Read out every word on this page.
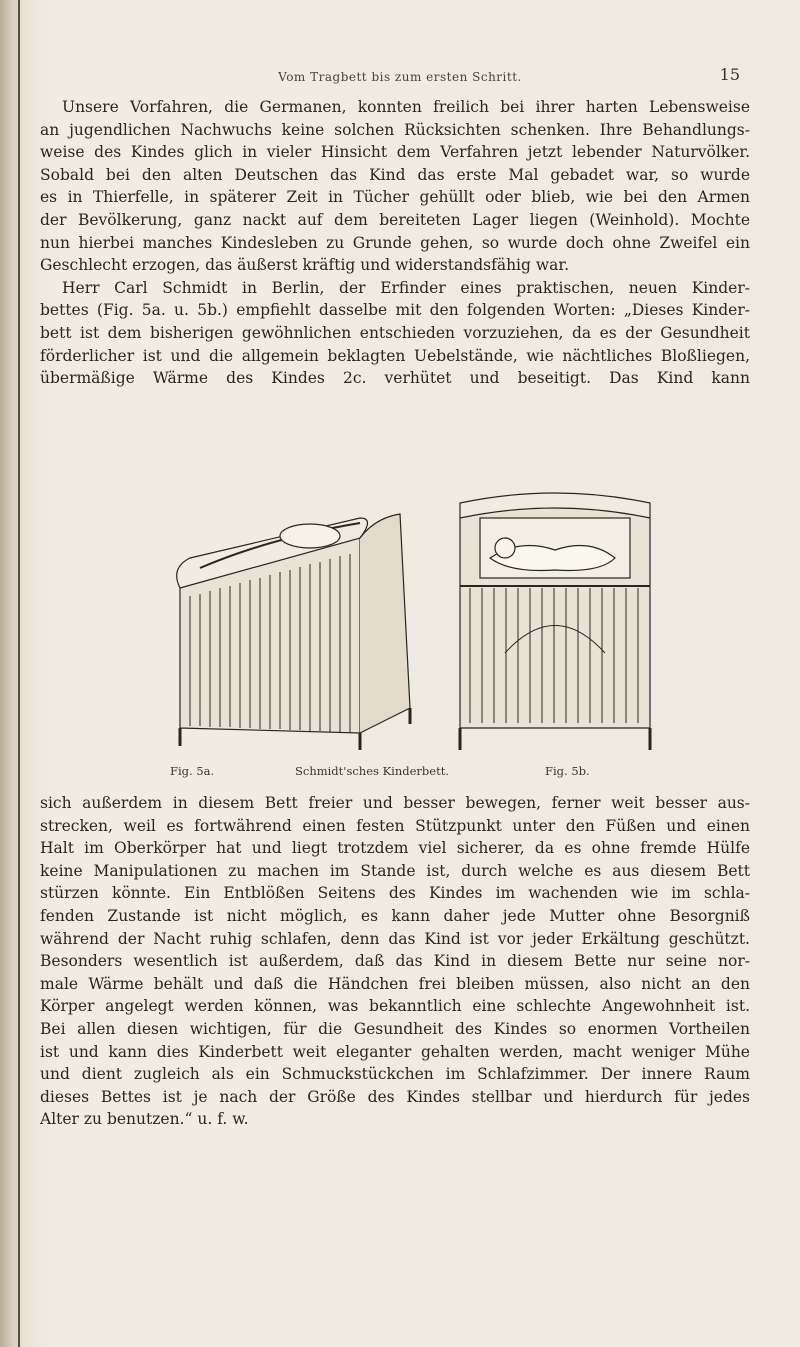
Vom Tragbett bis zum ersten Schritt.	15
Unsere Vorfahren, die Germanen, konnten freilich bei ihrer harten Lebensweise
an jugendlichen Nachwuchs keine solchen Rücksichten schenken. Ihre Behandlungs-
weise des Kindes glich in vieler Hinsicht dem Verfahren jetzt lebender Naturvölker.
Sobald bei den alten Deutschen das Kind das erste Mal gebadet war, so wurde
es in Thierfelle, in späterer Zeit in Tücher gehüllt oder blieb, wie bei den Armen
der Bevölkerung, ganz nackt auf dem bereiteten Lager liegen (Weinhold). Mochte
nun hierbei manches Kindesleben zu Grunde gehen, so wurde doch ohne Zweifel ein
Geschlecht erzogen, das äußerst kräftig und widerstandsfähig war.
Herr Carl Schmidt in Berlin, der Erfinder eines praktischen, neuen Kinder-
bettes (Fig. 5a. u. 5b.) empfiehlt dasselbe mit den folgenden Worten: „Dieses Kinder-
bett ist dem bisherigen gewöhnlichen entschieden vorzuziehen, da es der Gesundheit
förderlicher ist und die allgemein beklagten Uebelstände, wie nächtliches Bloßliegen,
übermäßige Wärme des Kindes 2c. verhütet und beseitigt. Das Kind kann
Fig. 5a.	Schmidt'sches Kinderbett.	Fig. 5b.
sich außerdem in diesem Bett freier und besser bewegen, ferner weit besser aus-
strecken, weil es fortwährend einen festen Stützpunkt unter den Füßen und einen
Halt im Oberkörper hat und liegt trotzdem viel sicherer, da es ohne fremde Hülfe
keine Manipulationen zu machen im Stande ist, durch welche es aus diesem Bett
stürzen könnte. Ein Entblößen Seitens des Kindes im wachenden wie im schla-
fenden Zustande ist nicht möglich, es kann daher jede Mutter ohne Besorgniß
während der Nacht ruhig schlafen, denn das Kind ist vor jeder Erkältung geschützt.
Besonders wesentlich ist außerdem, daß das Kind in diesem Bette nur seine nor-
male Wärme behält und daß die Händchen frei bleiben müssen, also nicht an den
Körper angelegt werden können, was bekanntlich eine schlechte Angewohnheit ist.
Bei allen diesen wichtigen, für die Gesundheit des Kindes so enormen Vortheilen
ist und kann dies Kinderbett weit eleganter gehalten werden, macht weniger Mühe
und dient zugleich als ein Schmuckstückchen im Schlafzimmer. Der innere Raum
dieses Bettes ist je nach der Größe des Kindes stellbar und hierdurch für jedes
Alter zu benutzen.“ u. f. w.
